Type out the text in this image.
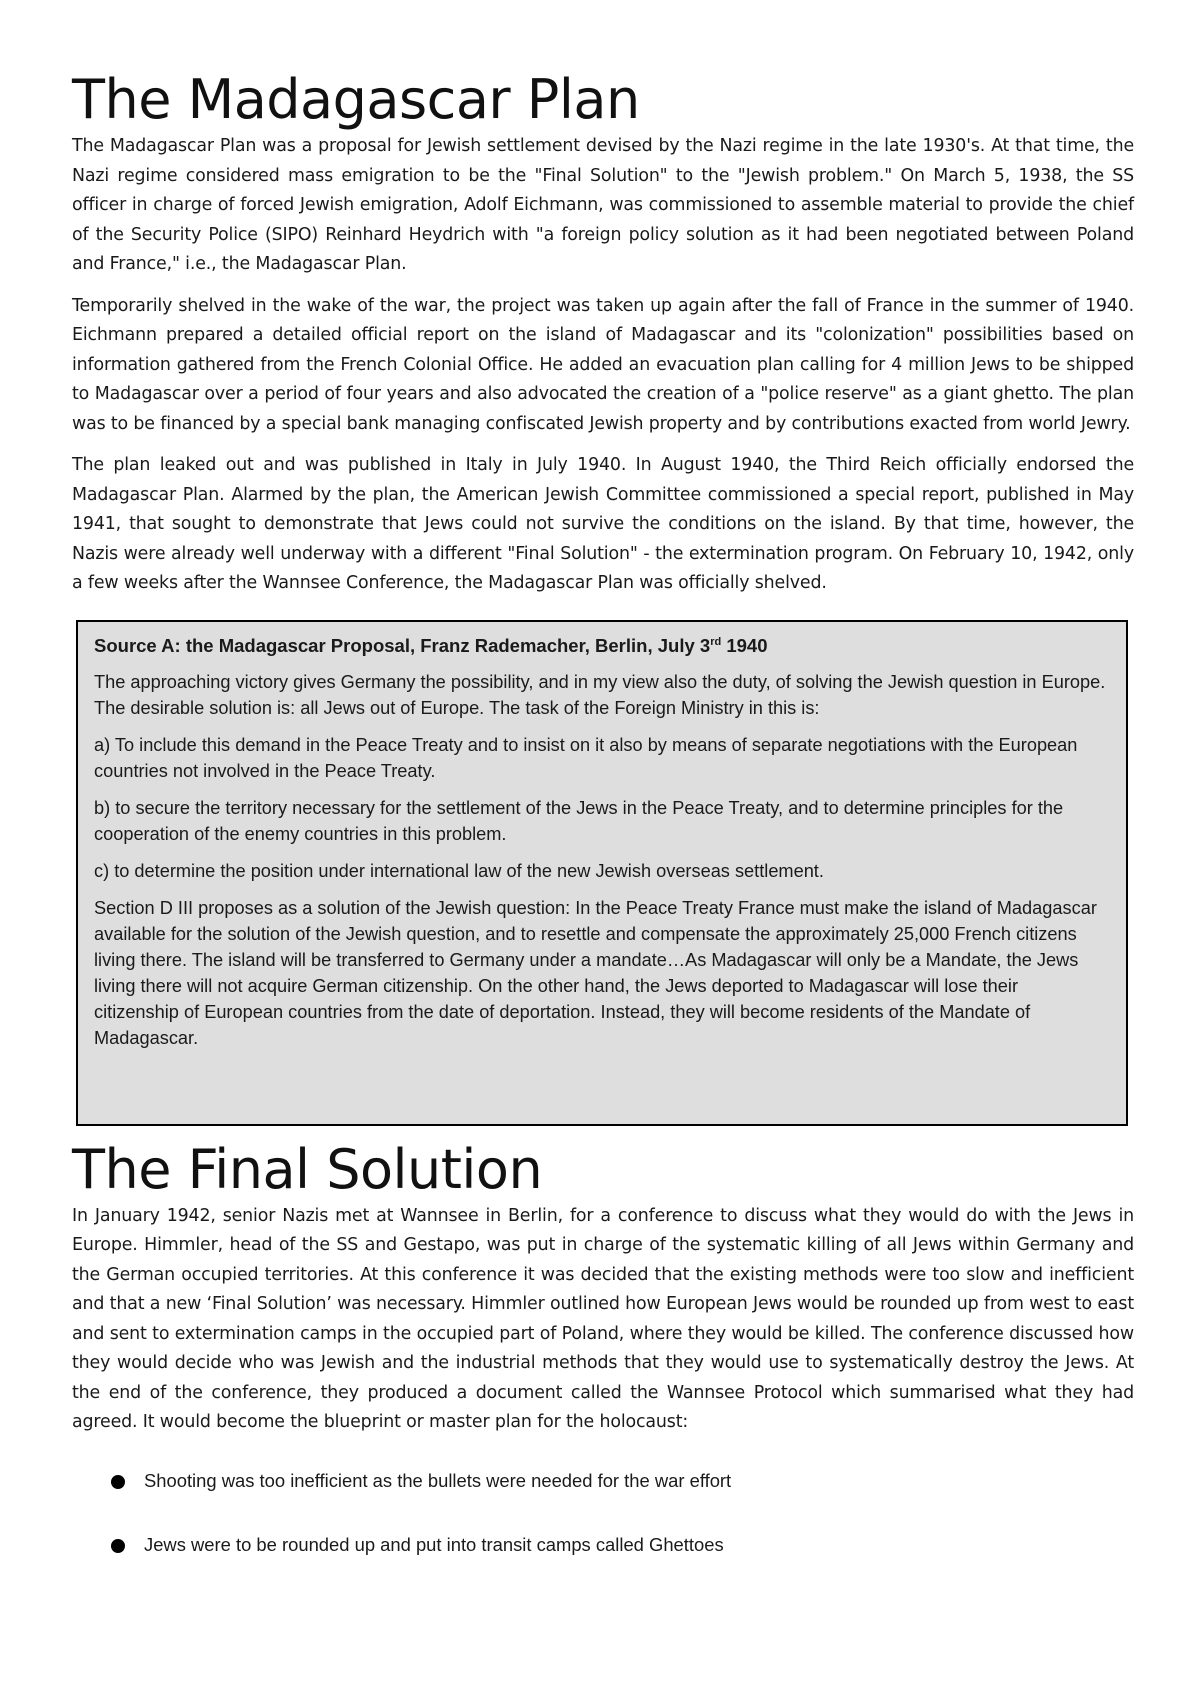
The Madagascar Plan

The Madagascar Plan was a proposal for Jewish settlement devised by the Nazi regime in the late 1930's. At that time, the Nazi regime considered mass emigration to be the "Final Solution" to the "Jewish problem." On March 5, 1938, the SS officer in charge of forced Jewish emigration, Adolf Eichmann, was commissioned to assemble material to provide the chief of the Security Police (SIPO) Reinhard Heydrich with "a foreign policy solution as it had been negotiated between Poland and France," i.e., the Madagascar Plan.

Temporarily shelved in the wake of the war, the project was taken up again after the fall of France in the summer of 1940. Eichmann prepared a detailed official report on the island of Madagascar and its "colonization" possibilities based on information gathered from the French Colonial Office. He added an evacuation plan calling for 4 million Jews to be shipped to Madagascar over a period of four years and also advocated the creation of a "police reserve" as a giant ghetto. The plan was to be financed by a special bank managing confiscated Jewish property and by contributions exacted from world Jewry.

The plan leaked out and was published in Italy in July 1940. In August 1940, the Third Reich officially endorsed the Madagascar Plan. Alarmed by the plan, the American Jewish Committee commissioned a special report, published in May 1941, that sought to demonstrate that Jews could not survive the conditions on the island. By that time, however, the Nazis were already well underway with a different "Final Solution" - the extermination program. On February 10, 1942, only a few weeks after the Wannsee Conference, the Madagascar Plan was officially shelved.

Source A: the Madagascar Proposal, Franz Rademacher, Berlin, July 3rd 1940

The approaching victory gives Germany the possibility, and in my view also the duty, of solving the Jewish question in Europe. The desirable solution is: all Jews out of Europe. The task of the Foreign Ministry in this is:

a) To include this demand in the Peace Treaty and to insist on it also by means of separate negotiations with the European countries not involved in the Peace Treaty.

b) to secure the territory necessary for the settlement of the Jews in the Peace Treaty, and to determine principles for the cooperation of the enemy countries in this problem.

c) to determine the position under international law of the new Jewish overseas settlement.

Section D III proposes as a solution of the Jewish question: In the Peace Treaty France must make the island of Madagascar available for the solution of the Jewish question, and to resettle and compensate the approximately 25,000 French citizens living there. The island will be transferred to Germany under a mandate…As Madagascar will only be a Mandate, the Jews living there will not acquire German citizenship. On the other hand, the Jews deported to Madagascar will lose their citizenship of European countries from the date of deportation. Instead, they will become residents of the Mandate of Madagascar.

The Final Solution

In January 1942, senior Nazis met at Wannsee in Berlin, for a conference to discuss what they would do with the Jews in Europe. Himmler, head of the SS and Gestapo, was put in charge of the systematic killing of all Jews within Germany and the German occupied territories. At this conference it was decided that the existing methods were too slow and inefficient and that a new ‘Final Solution’ was necessary. Himmler outlined how European Jews would be rounded up from west to east and sent to extermination camps in the occupied part of Poland, where they would be killed. The conference discussed how they would decide who was Jewish and the industrial methods that they would use to systematically destroy the Jews. At the end of the conference, they produced a document called the Wannsee Protocol which summarised what they had agreed. It would become the blueprint or master plan for the holocaust:

Shooting was too inefficient as the bullets were needed for the war effort
Jews were to be rounded up and put into transit camps called Ghettoes
